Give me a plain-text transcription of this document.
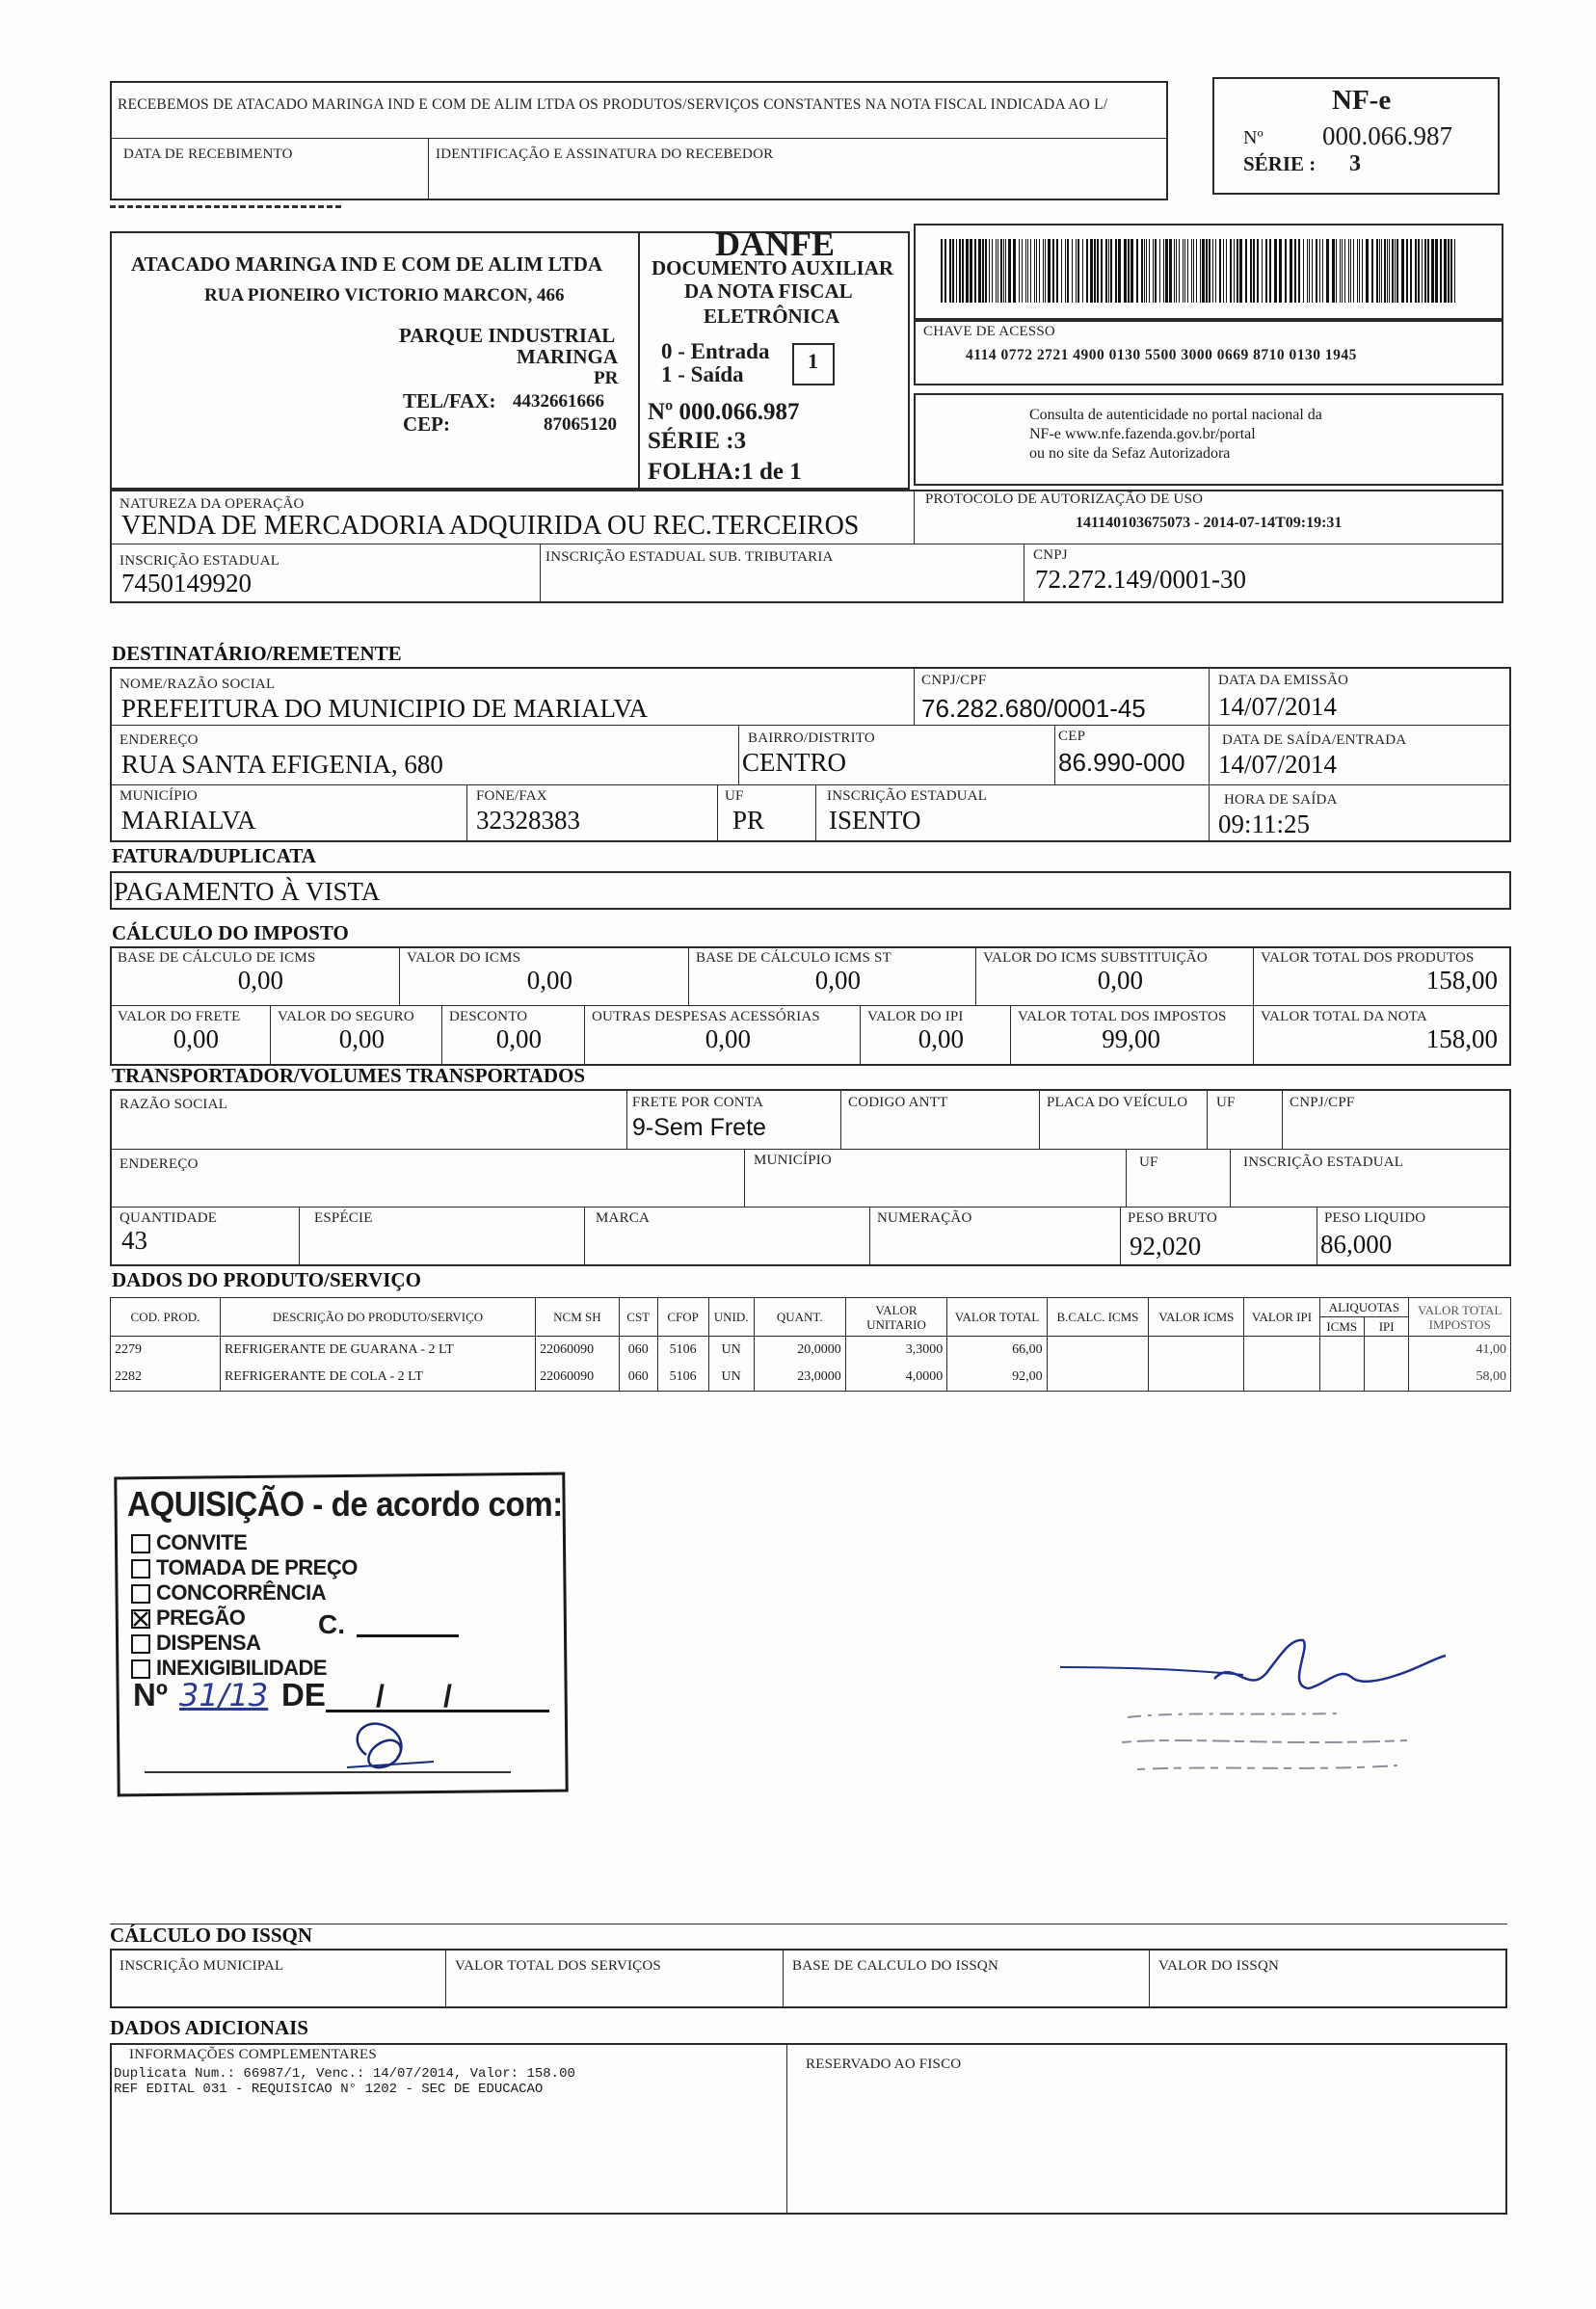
RECEBEMOS DE ATACADO MARINGA IND E COM DE ALIM LTDA OS PRODUTOS/SERVIÇOS CONSTANTES NA NOTA FISCAL INDICADA AO L/
DATA DE RECEBIMENTO	IDENTIFICAÇÃO E ASSINATURA DO RECEBEDOR
NF-e
Nº 000.066.987
SÉRIE : 3
ATACADO MARINGA IND E COM DE ALIM LTDA
RUA PIONEIRO VICTORIO MARCON, 466
PARQUE INDUSTRIAL
MARINGA
PR
TEL/FAX: 4432661666
CEP:	87065120
DANFE
DOCUMENTO AUXILIAR
DA NOTA FISCAL
ELETRÔNICA
0 - Entrada
1 - Saída
1
Nº 000.066.987
SÉRIE :3
FOLHA:1 de 1
CHAVE DE ACESSO
4114 0772 2721 4900 0130 5500 3000 0669 8710 0130 1945
Consulta de autenticidade no portal nacional da
NF-e www.nfe.fazenda.gov.br/portal
ou no site da Sefaz Autorizadora
NATUREZA DA OPERAÇÃO
VENDA DE MERCADORIA ADQUIRIDA OU REC.TERCEIROS
PROTOCOLO DE AUTORIZAÇÃO DE USO
141140103675073 - 2014-07-14T09:19:31
INSCRIÇÃO ESTADUAL
7450149920
INSCRIÇÃO ESTADUAL SUB. TRIBUTARIA	CNPJ
72.272.149/0001-30
DESTINATÁRIO/REMETENTE
NOME/RAZÃO SOCIAL
PREFEITURA DO MUNICIPIO DE MARIALVA
CNPJ/CPF
76.282.680/0001-45
DATA DA EMISSÃO
14/07/2014
ENDEREÇO
RUA SANTA EFIGENIA, 680
BAIRRO/DISTRITO
CENTRO
CEP
86.990-000
DATA DE SAÍDA/ENTRADA
14/07/2014
MUNICÍPIO
MARIALVA
FONE/FAX
32328383
UF
PR
INSCRIÇÃO ESTADUAL
ISENTO
HORA DE SAÍDA
09:11:25
FATURA/DUPLICATA
PAGAMENTO À VISTA
CÁLCULO DO IMPOSTO
BASE DE CÁLCULO DE ICMS
0,00
VALOR DO ICMS
0,00
BASE DE CÁLCULO ICMS ST
0,00
VALOR DO ICMS SUBSTITUIÇÃO
0,00
VALOR TOTAL DOS PRODUTOS
158,00
VALOR DO FRETE
0,00
VALOR DO SEGURO
0,00
DESCONTO
0,00
OUTRAS DESPESAS ACESSÓRIAS
0,00
VALOR DO IPI
0,00
VALOR TOTAL DOS IMPOSTOS
99,00
VALOR TOTAL DA NOTA
158,00
TRANSPORTADOR/VOLUMES TRANSPORTADOS
RAZÃO SOCIAL	FRETE POR CONTA
9-Sem Frete
CODIGO ANTT	PLACA DO VEÍCULO UF	CNPJ/CPF
ENDEREÇO	MUNICÍPIO	UF	INSCRIÇÃO ESTADUAL
QUANTIDADE
43
ESPÉCIE	MARCA	NUMERAÇÃO	PESO BRUTO
92,020
PESO LIQUIDO
86,000
DADOS DO PRODUTO/SERVIÇO
COD. PROD.	DESCRIÇÃO DO PRODUTO/SERVIÇO	NCM SH	CST	CFOP	UNID.	QUANT.	VALOR UNITARIO	VALOR TOTAL	B.CALC. ICMS	VALOR ICMS	VALOR IPI	ALIQUOTAS		VALOR TOTAL IMPOSTOS
												ICMS	IPI	
2279	REFRIGERANTE DE GUARANA - 2 LT	22060090	060	5106	UN	20,0000	3,3000	66,00						41,00
2282	REFRIGERANTE DE COLA - 2 LT	22060090	060	5106	UN	23,0000	4,0000	92,00						58,00
AQUISIÇÃO - de acordo com:
CONVITE
TOMADA DE PREÇO
CONCORRÊNCIA
PREGÃO
DISPENSA
INEXIGIBILIDADE
C.
Nº 31/13 DE / /
CÁLCULO DO ISSQN
INSCRIÇÃO MUNICIPAL	VALOR TOTAL DOS SERVIÇOS	BASE DE CALCULO DO ISSQN	VALOR DO ISSQN
DADOS ADICIONAIS
INFORMAÇÕES COMPLEMENTARES
Duplicata Num.: 66987/1, Venc.: 14/07/2014, Valor: 158.00
REF EDITAL 031 - REQUISICAO N° 1202 - SEC DE EDUCACAO
RESERVADO AO FISCO
